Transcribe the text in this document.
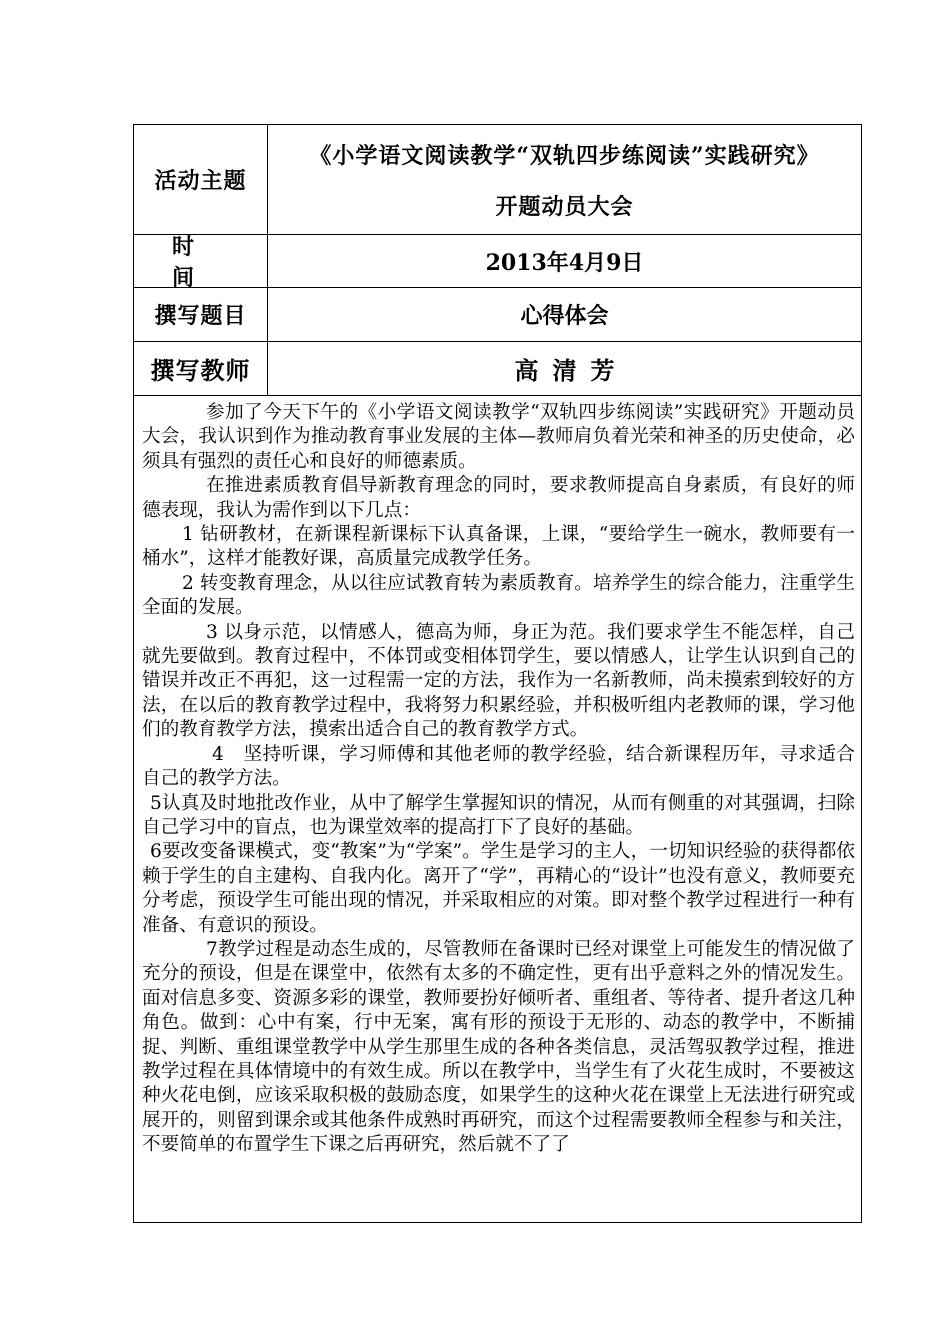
活动主题
《小学语文阅读教学“双轨四步练阅读”实践研究》
开题动员大会
时间
2013年4月9日
撰写题目	心得体会
撰写教师	高清芳

参加了今天下午的《小学语文阅读教学“双轨四步练阅读”实践研究》开题动员大会，我认识到作为推动教育事业发展的主体—教师肩负着光荣和神圣的历史使命，必须具有强烈的责任心和良好的师德素质。

在推进素质教育倡导新教育理念的同时，要求教师提高自身素质，有良好的师德表现，我认为需作到以下几点：

1 钻研教材，在新课程新课标下认真备课，上课，“要给学生一碗水，教师要有一桶水”，这样才能教好课，高质量完成教学任务。

2 转变教育理念，从以往应试教育转为素质教育。培养学生的综合能力，注重学生全面的发展。

3 以身示范，以情感人，德高为师，身正为范。我们要求学生不能怎样，自己就先要做到。教育过程中，不体罚或变相体罚学生，要以情感人，让学生认识到自己的错误并改正不再犯，这一过程需一定的方法，我作为一名新教师，尚未摸索到较好的方法，在以后的教育教学过程中，我将努力积累经验，并积极听组内老教师的课，学习他们的教育教学方法，摸索出适合自己的教育教学方式。

4　坚持听课，学习师傅和其他老师的教学经验，结合新课程历年，寻求适合自己的教学方法。

5认真及时地批改作业，从中了解学生掌握知识的情况，从而有侧重的对其强调，扫除自己学习中的盲点，也为课堂效率的提高打下了良好的基础。

6要改变备课模式，变“教案”为“学案”。学生是学习的主人，一切知识经验的获得都依赖于学生的自主建构、自我内化。离开了“学”，再精心的“设计”也没有意义，教师要充分考虑，预设学生可能出现的情况，并采取相应的对策。即对整个教学过程进行一种有准备、有意识的预设。

7教学过程是动态生成的，尽管教师在备课时已经对课堂上可能发生的情况做了充分的预设，但是在课堂中，依然有太多的不确定性，更有出乎意料之外的情况发生。面对信息多变、资源多彩的课堂，教师要扮好倾听者、重组者、等待者、提升者这几种角色。做到：心中有案，行中无案，寓有形的预设于无形的、动态的教学中，不断捕捉、判断、重组课堂教学中从学生那里生成的各种各类信息，灵活驾驭教学过程，推进教学过程在具体情境中的有效生成。所以在教学中，当学生有了火花生成时，不要被这种火花电倒，应该采取积极的鼓励态度，如果学生的这种火花在课堂上无法进行研究或展开的，则留到课余或其他条件成熟时再研究，而这个过程需要教师全程参与和关注，不要简单的布置学生下课之后再研究，然后就不了了
